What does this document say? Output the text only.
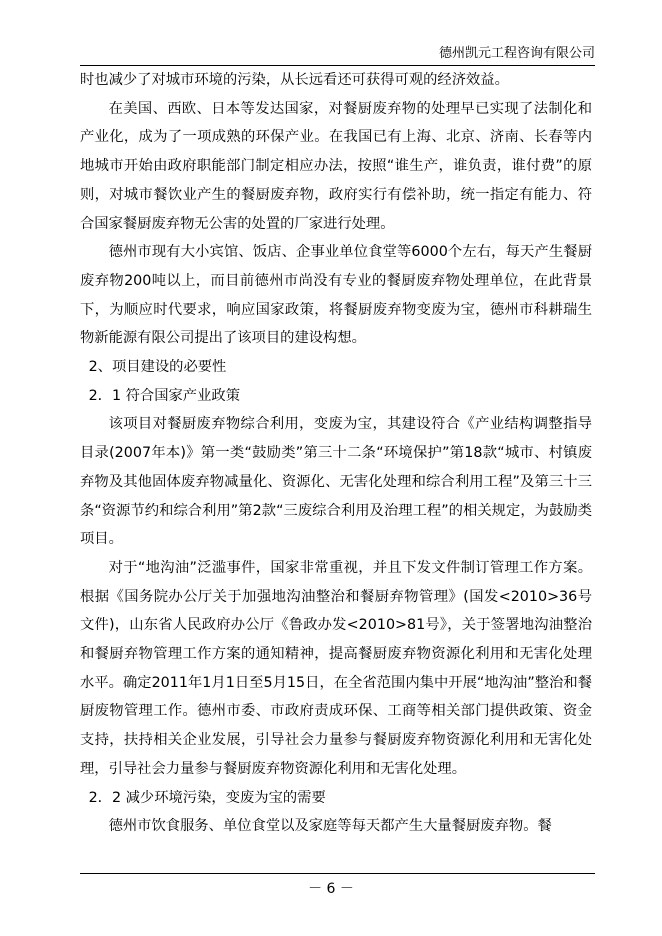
德州凯元工程咨询有限公司

时也减少了对城市环境的污染，从长远看还可获得可观的经济效益。

在美国、西欧、日本等发达国家，对餐厨废弃物的处理早已实现了法制化和产业化，成为了一项成熟的环保产业。在我国已有上海、北京、济南、长春等内地城市开始由政府职能部门制定相应办法，按照“谁生产，谁负责，谁付费”的原则，对城市餐饮业产生的餐厨废弃物，政府实行有偿补助，统一指定有能力、符合国家餐厨废弃物无公害的处置的厂家进行处理。

德州市现有大小宾馆、饭店、企事业单位食堂等6000个左右，每天产生餐厨废弃物200吨以上，而目前德州市尚没有专业的餐厨废弃物处理单位，在此背景下，为顺应时代要求，响应国家政策，将餐厨废弃物变废为宝，德州市科耕瑞生物新能源有限公司提出了该项目的建设构想。

2、项目建设的必要性

2．1 符合国家产业政策

该项目对餐厨废弃物综合利用，变废为宝，其建设符合《产业结构调整指导目录(2007年本)》第一类“鼓励类”第三十二条“环境保护”第18款“城市、村镇废弃物及其他固体废弃物减量化、资源化、无害化处理和综合利用工程”及第三十三条“资源节约和综合利用”第2款“三废综合利用及治理工程”的相关规定，为鼓励类项目。

对于“地沟油”泛滥事件，国家非常重视，并且下发文件制订管理工作方案。根据《国务院办公厅关于加强地沟油整治和餐厨弃物管理》(国发<2010>36号文件)，山东省人民政府办公厅《鲁政办发<2010>81号》，关于签署地沟油整治和餐厨弃物管理工作方案的通知精神，提高餐厨废弃物资源化利用和无害化处理水平。确定2011年1月1日至5月15日，在全省范围内集中开展“地沟油”整治和餐厨废物管理工作。德州市委、市政府责成环保、工商等相关部门提供政策、资金支持，扶持相关企业发展，引导社会力量参与餐厨废弃物资源化利用和无害化处理，引导社会力量参与餐厨废弃物资源化利用和无害化处理。

2．2 减少环境污染，变废为宝的需要

德州市饮食服务、单位食堂以及家庭等每天都产生大量餐厨废弃物。餐

－ 6 －
